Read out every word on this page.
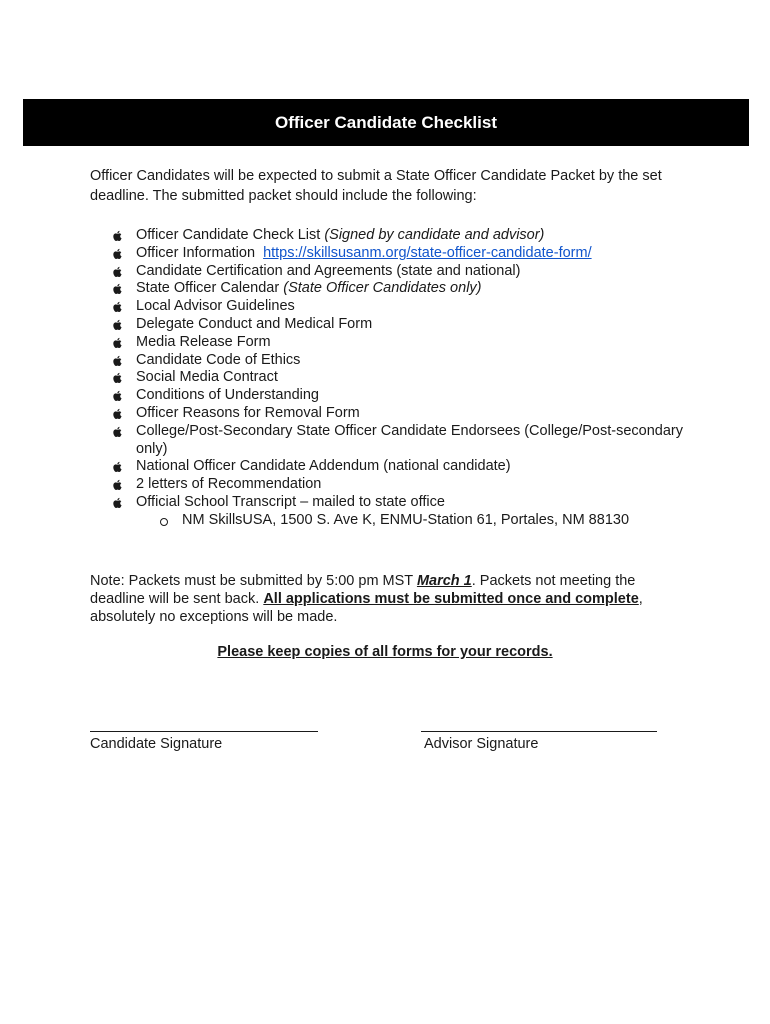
Officer Candidate Checklist

Officer Candidates will be expected to submit a State Officer Candidate Packet by the set deadline. The submitted packet should include the following:

Officer Candidate Check List (Signed by candidate and advisor)
Officer Information  https://skillsusanm.org/state-officer-candidate-form/
Candidate Certification and Agreements (state and national)
State Officer Calendar (State Officer Candidates only)
Local Advisor Guidelines
Delegate Conduct and Medical Form
Media Release Form
Candidate Code of Ethics
Social Media Contract
Conditions of Understanding
Officer Reasons for Removal Form
College/Post-Secondary State Officer Candidate Endorsees (College/Post-secondary only)
National Officer Candidate Addendum (national candidate)
2 letters of Recommendation
Official School Transcript – mailed to state office
NM SkillsUSA, 1500 S. Ave K, ENMU-Station 61, Portales, NM 88130

Note: Packets must be submitted by 5:00 pm MST March 1. Packets not meeting the deadline will be sent back. All applications must be submitted once and complete, absolutely no exceptions will be made.

Please keep copies of all forms for your records.
Candidate Signature	Advisor Signature
